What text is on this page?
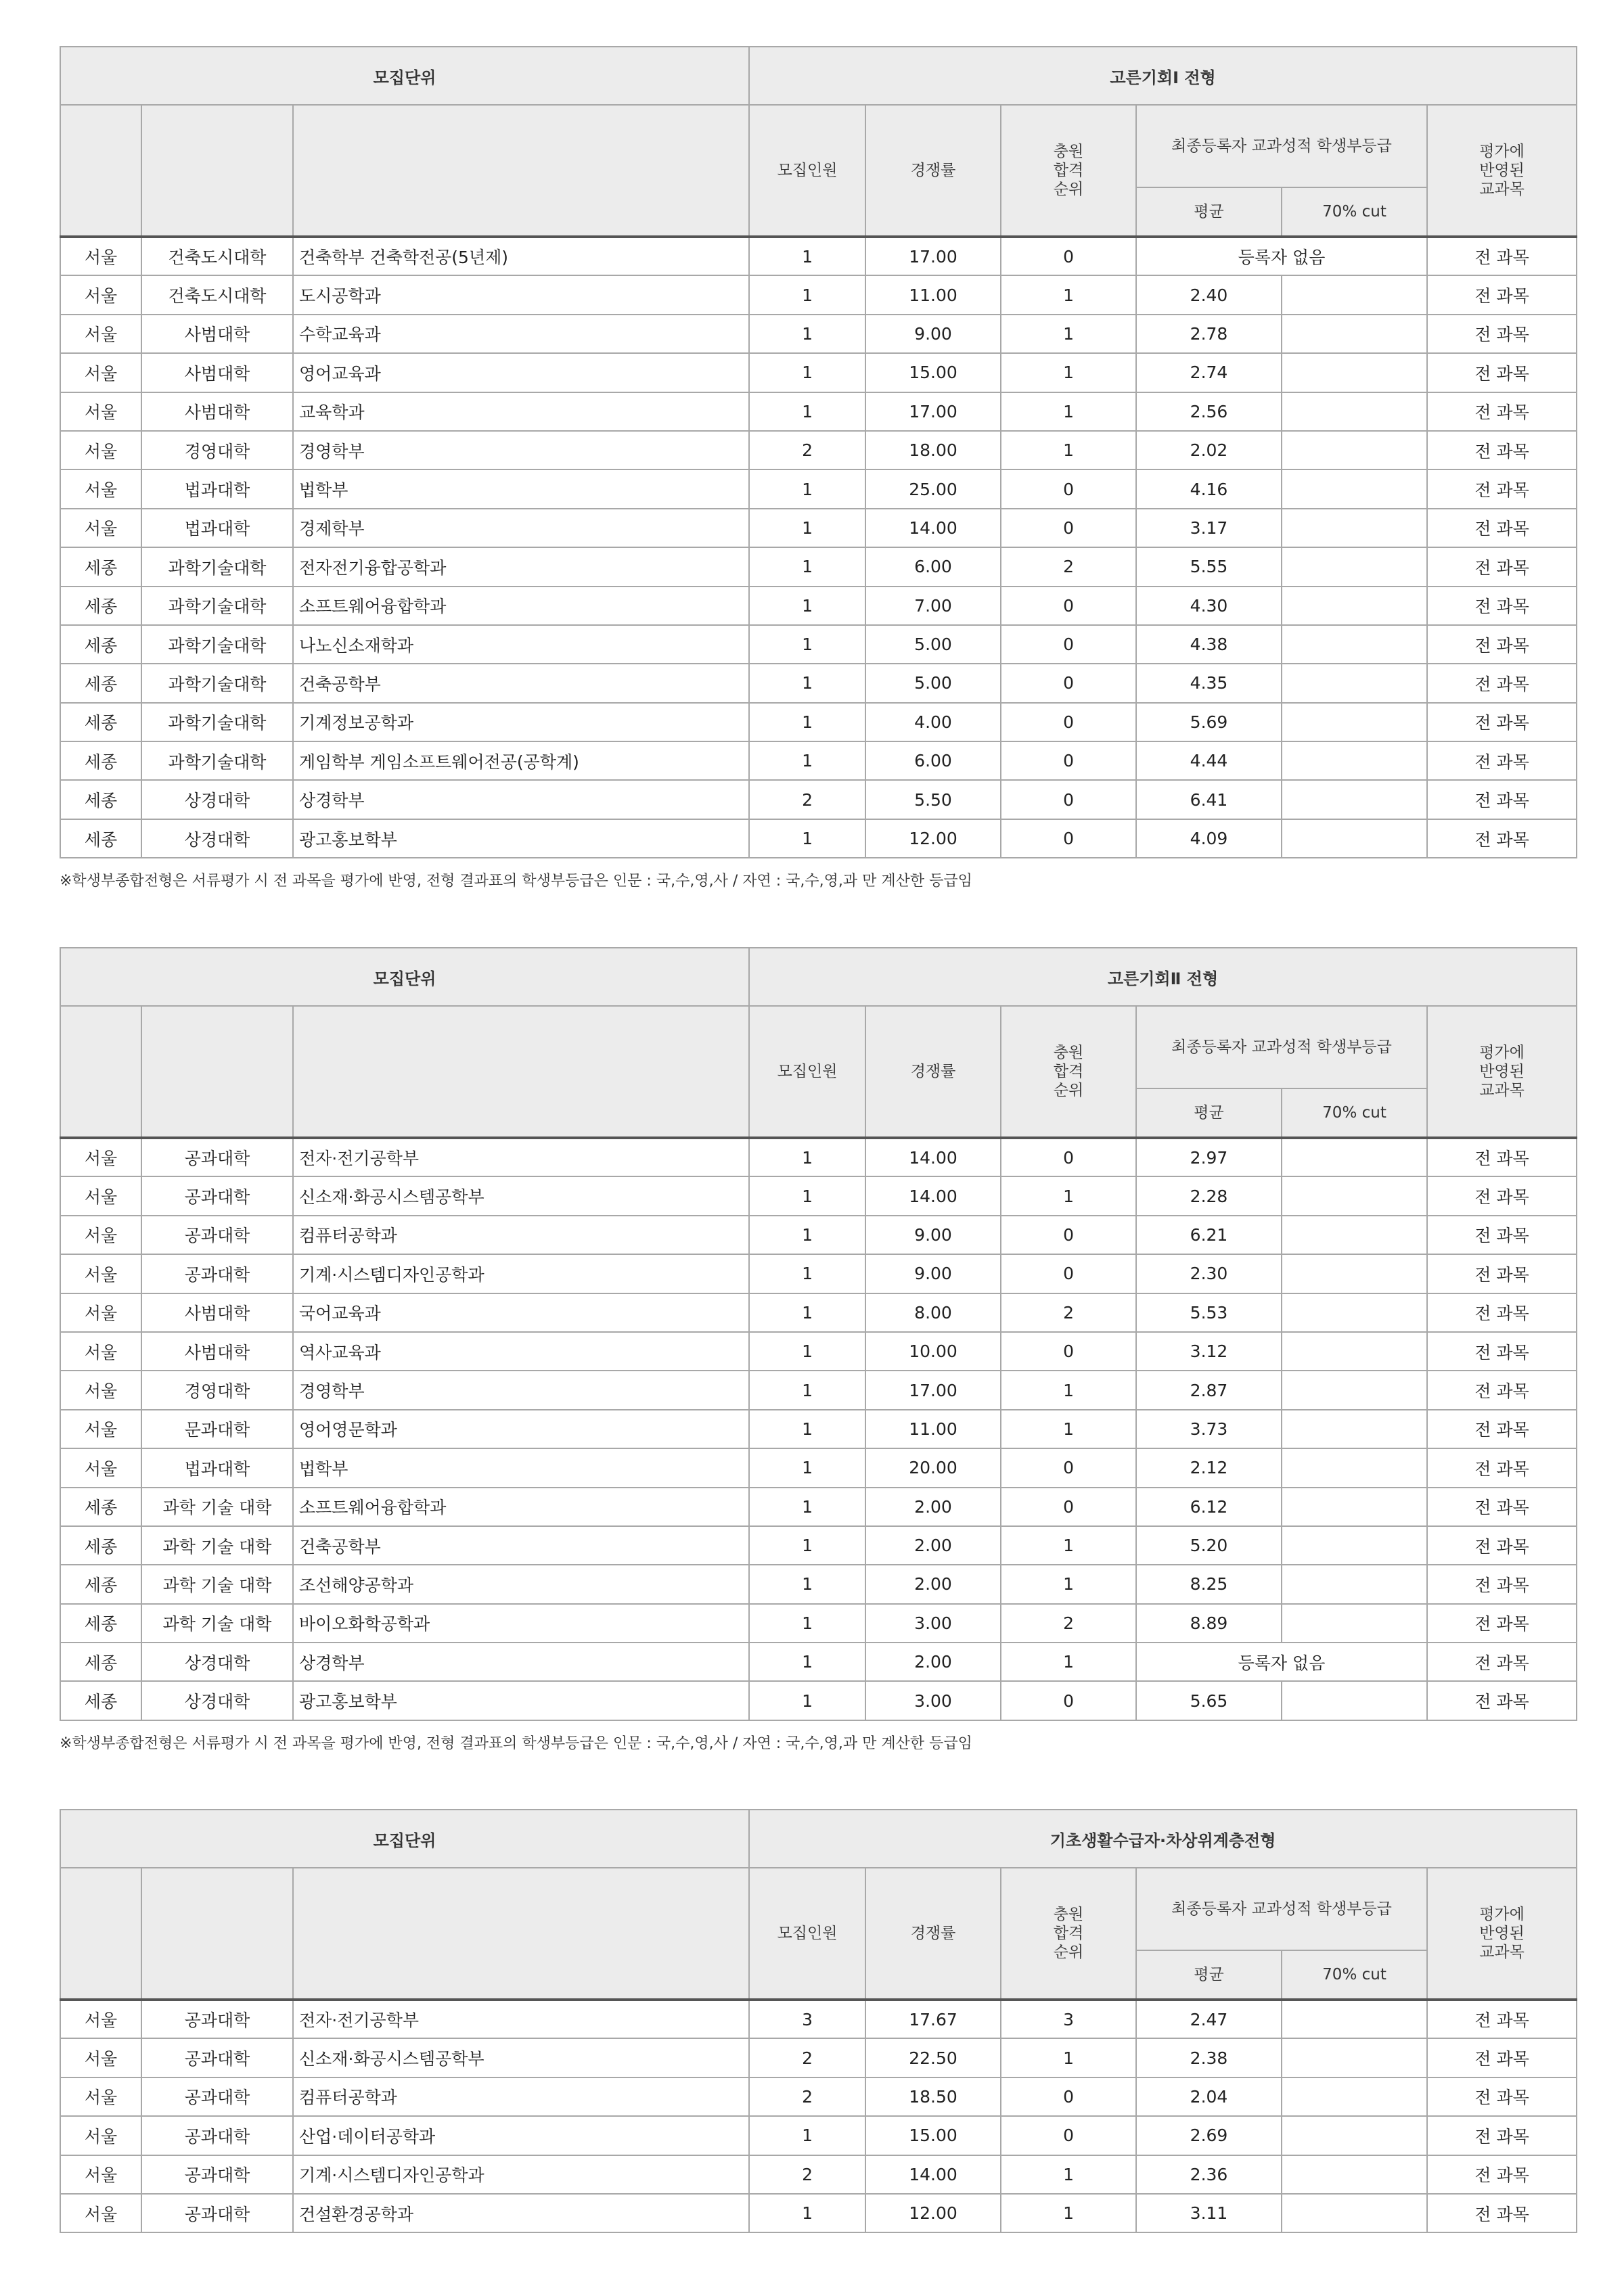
모집단위			고른기회Ⅰ 전형					
			모집인원	경쟁률	충원
합격
순위	최종등록자 교과성적 학생부등급		평가에
반영된
교과목
						평균	70% cut	
서울	건축도시대학	건축학부 건축학전공(5년제)	1	17.00	0	등록자 없음		전 과목
서울	건축도시대학	도시공학과	1	11.00	1	2.40		전 과목
서울	사범대학	수학교육과	1	9.00	1	2.78		전 과목
서울	사범대학	영어교육과	1	15.00	1	2.74		전 과목
서울	사범대학	교육학과	1	17.00	1	2.56		전 과목
서울	경영대학	경영학부	2	18.00	1	2.02		전 과목
서울	법과대학	법학부	1	25.00	0	4.16		전 과목
서울	법과대학	경제학부	1	14.00	0	3.17		전 과목
세종	과학기술대학	전자전기융합공학과	1	6.00	2	5.55		전 과목
세종	과학기술대학	소프트웨어융합학과	1	7.00	0	4.30		전 과목
세종	과학기술대학	나노신소재학과	1	5.00	0	4.38		전 과목
세종	과학기술대학	건축공학부	1	5.00	0	4.35		전 과목
세종	과학기술대학	기계정보공학과	1	4.00	0	5.69		전 과목
세종	과학기술대학	게임학부 게임소프트웨어전공(공학계)	1	6.00	0	4.44		전 과목
세종	상경대학	상경학부	2	5.50	0	6.41		전 과목
세종	상경대학	광고홍보학부	1	12.00	0	4.09		전 과목
※학생부종합전형은 서류평가 시 전 과목을 평가에 반영, 전형 결과표의 학생부등급은 인문 : 국,수,영,사 / 자연 : 국,수,영,과 만 계산한 등급임
모집단위			고른기회Ⅱ 전형					
			모집인원	경쟁률	충원
합격
순위	최종등록자 교과성적 학생부등급		평가에
반영된
교과목
						평균	70% cut	
서울	공과대학	전자·전기공학부	1	14.00	0	2.97		전 과목
서울	공과대학	신소재·화공시스템공학부	1	14.00	1	2.28		전 과목
서울	공과대학	컴퓨터공학과	1	9.00	0	6.21		전 과목
서울	공과대학	기계·시스템디자인공학과	1	9.00	0	2.30		전 과목
서울	사범대학	국어교육과	1	8.00	2	5.53		전 과목
서울	사범대학	역사교육과	1	10.00	0	3.12		전 과목
서울	경영대학	경영학부	1	17.00	1	2.87		전 과목
서울	문과대학	영어영문학과	1	11.00	1	3.73		전 과목
서울	법과대학	법학부	1	20.00	0	2.12		전 과목
세종	과학 기술 대학	소프트웨어융합학과	1	2.00	0	6.12		전 과목
세종	과학 기술 대학	건축공학부	1	2.00	1	5.20		전 과목
세종	과학 기술 대학	조선해양공학과	1	2.00	1	8.25		전 과목
세종	과학 기술 대학	바이오화학공학과	1	3.00	2	8.89		전 과목
세종	상경대학	상경학부	1	2.00	1	등록자 없음		전 과목
세종	상경대학	광고홍보학부	1	3.00	0	5.65		전 과목
※학생부종합전형은 서류평가 시 전 과목을 평가에 반영, 전형 결과표의 학생부등급은 인문 : 국,수,영,사 / 자연 : 국,수,영,과 만 계산한 등급임
모집단위			기초생활수급자·차상위계층전형					
			모집인원	경쟁률	충원
합격
순위	최종등록자 교과성적 학생부등급		평가에
반영된
교과목
						평균	70% cut	
서울	공과대학	전자·전기공학부	3	17.67	3	2.47		전 과목
서울	공과대학	신소재·화공시스템공학부	2	22.50	1	2.38		전 과목
서울	공과대학	컴퓨터공학과	2	18.50	0	2.04		전 과목
서울	공과대학	산업·데이터공학과	1	15.00	0	2.69		전 과목
서울	공과대학	기계·시스템디자인공학과	2	14.00	1	2.36		전 과목
서울	공과대학	건설환경공학과	1	12.00	1	3.11		전 과목
